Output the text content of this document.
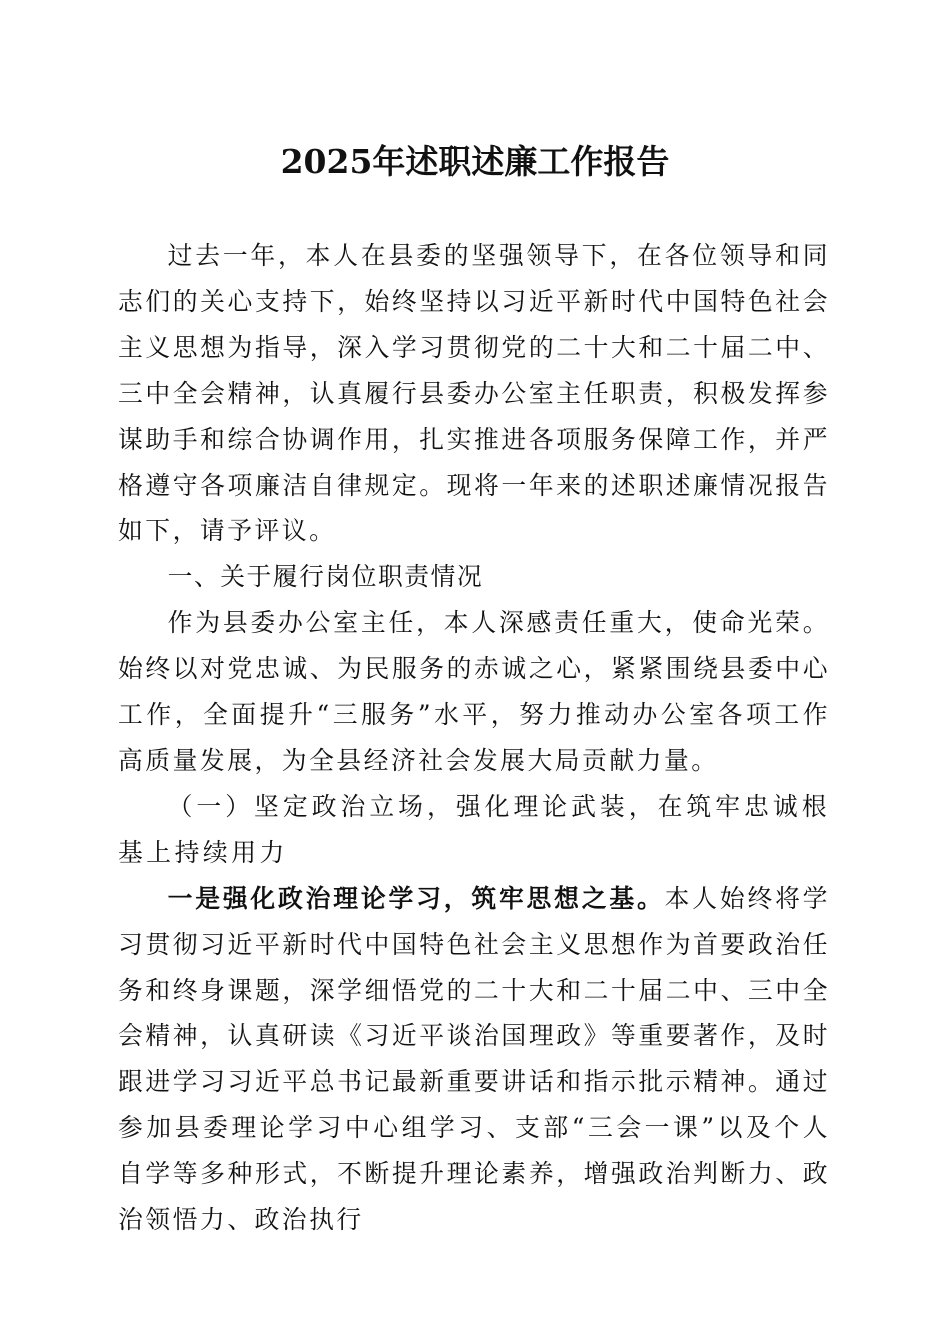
2025年述职述廉工作报告

过去一年，本人在县委的坚强领导下，在各位领导和同志们的关心支持下，始终坚持以习近平新时代中国特色社会主义思想为指导，深入学习贯彻党的二十大和二十届二中、三中全会精神，认真履行县委办公室主任职责，积极发挥参谋助手和综合协调作用，扎实推进各项服务保障工作，并严格遵守各项廉洁自律规定。现将一年来的述职述廉情况报告如下，请予评议。

一、关于履行岗位职责情况

作为县委办公室主任，本人深感责任重大，使命光荣。始终以对党忠诚、为民服务的赤诚之心，紧紧围绕县委中心工作，全面提升“三服务”水平，努力推动办公室各项工作高质量发展，为全县经济社会发展大局贡献力量。

（一）坚定政治立场，强化理论武装，在筑牢忠诚根基上持续用力

一是强化政治理论学习，筑牢思想之基。本人始终将学习贯彻习近平新时代中国特色社会主义思想作为首要政治任务和终身课题，深学细悟党的二十大和二十届二中、三中全会精神，认真研读《习近平谈治国理政》等重要著作，及时跟进学习习近平总书记最新重要讲话和指示批示精神。通过参加县委理论学习中心组学习、支部“三会一课”以及个人自学等多种形式，不断提升理论素养，增强政治判断力、政治领悟力、政治执行
